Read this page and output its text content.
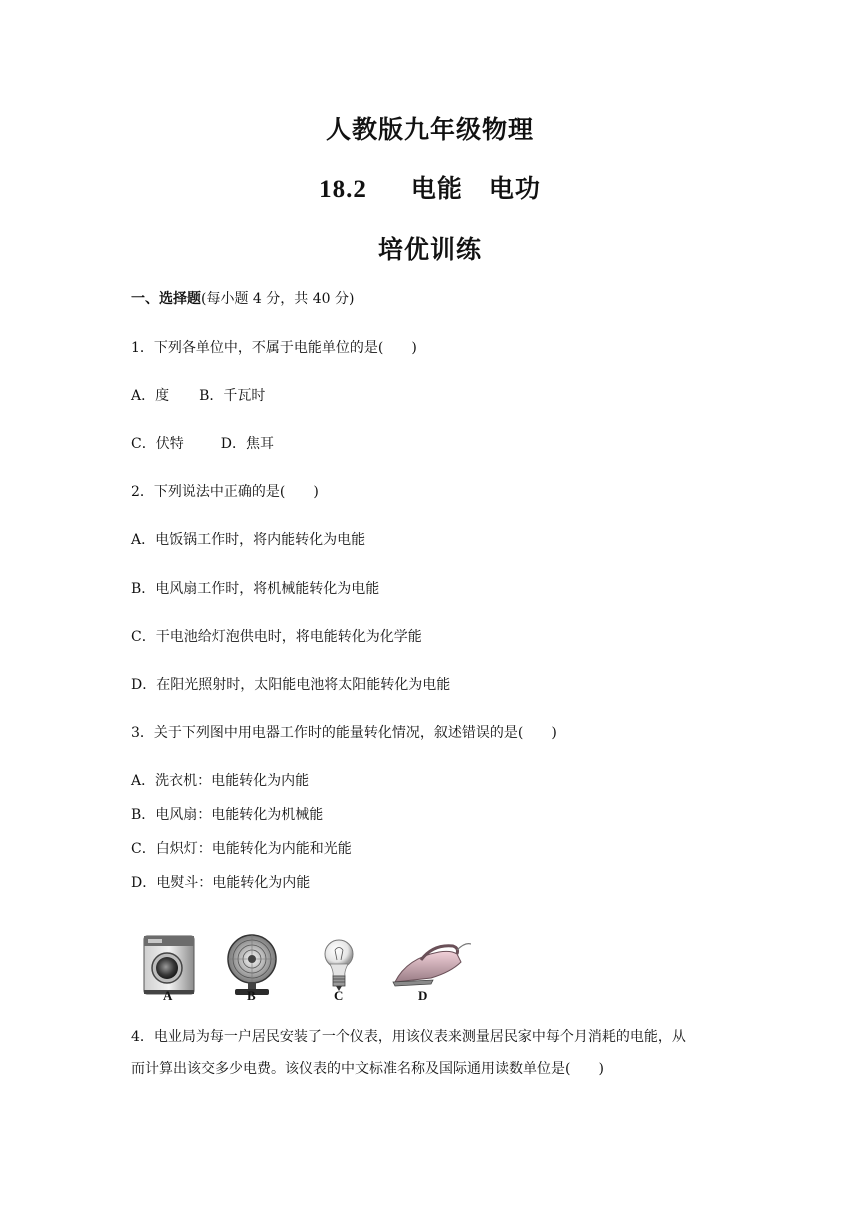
人教版九年级物理
18.2 电能 电功
培优训练
一、选择题(每小题 4 分，共 40 分)
1．下列各单位中，不属于电能单位的是(　　)
A．度 B．千瓦时
C．伏特	D．焦耳
2．下列说法中正确的是(　　)
A．电饭锅工作时，将内能转化为电能
B．电风扇工作时，将机械能转化为电能
C．干电池给灯泡供电时，将电能转化为化学能
D．在阳光照射时，太阳能电池将太阳能转化为电能
3．关于下列图中用电器工作时的能量转化情况，叙述错误的是(　　)
A．洗衣机：电能转化为内能
B．电风扇：电能转化为机械能
C．白炽灯：电能转化为内能和光能
D．电熨斗：电能转化为内能
A	B	C	D
4．电业局为每一户居民安装了一个仪表，用该仪表来测量居民家中每个月消耗的电能，从
而计算出该交多少电费。该仪表的中文标准名称及国际通用读数单位是(　　)
